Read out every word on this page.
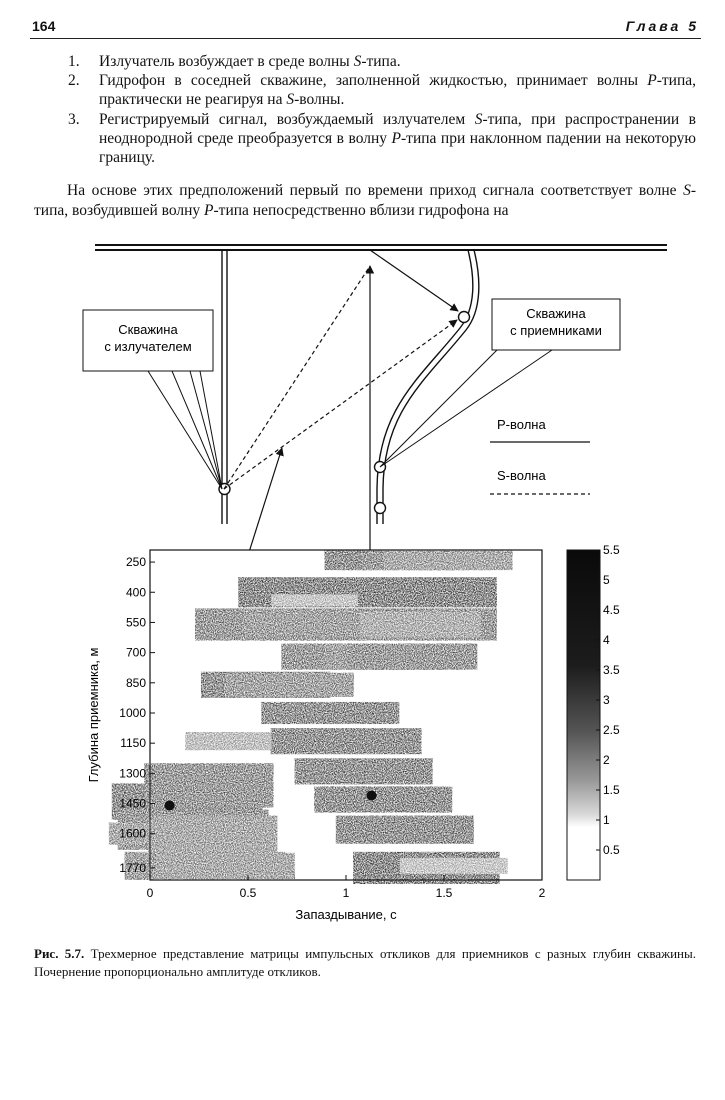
164	Глава 5
1. Излучатель возбуждает в среде волны S-типа.
2. Гидрофон в соседней скважине, заполненной жидкостью, принимает волны P-типа, практически не реагируя на S-волны.
3. Регистрируемый сигнал, возбуждаемый излучателем S-типа, при распространении в неоднородной среде преобразуется в волну P-типа при наклонном падении на некоторую границу.

На основе этих предположений первый по времени приход сигнала соответствует волне S-типа, возбудившей волну P-типа непосредственно вблизи гидрофона на

Скважина
с излучателем
Скважина
с приемниками
P-волна
S-волна
0	0.5	1	1.5	2
250
400
550
700
850
1000
1150
1300
1450
1600
1770
Запаздывание, с
Глубина приемника, м
5.5
5
4.5
4
3.5
3
2.5
2
1.5
1
0.5

Рис. 5.7. Трехмерное представление матрицы импульсных откликов для приемников с разных глубин скважины. Почернение пропорционально амплитуде откликов.
